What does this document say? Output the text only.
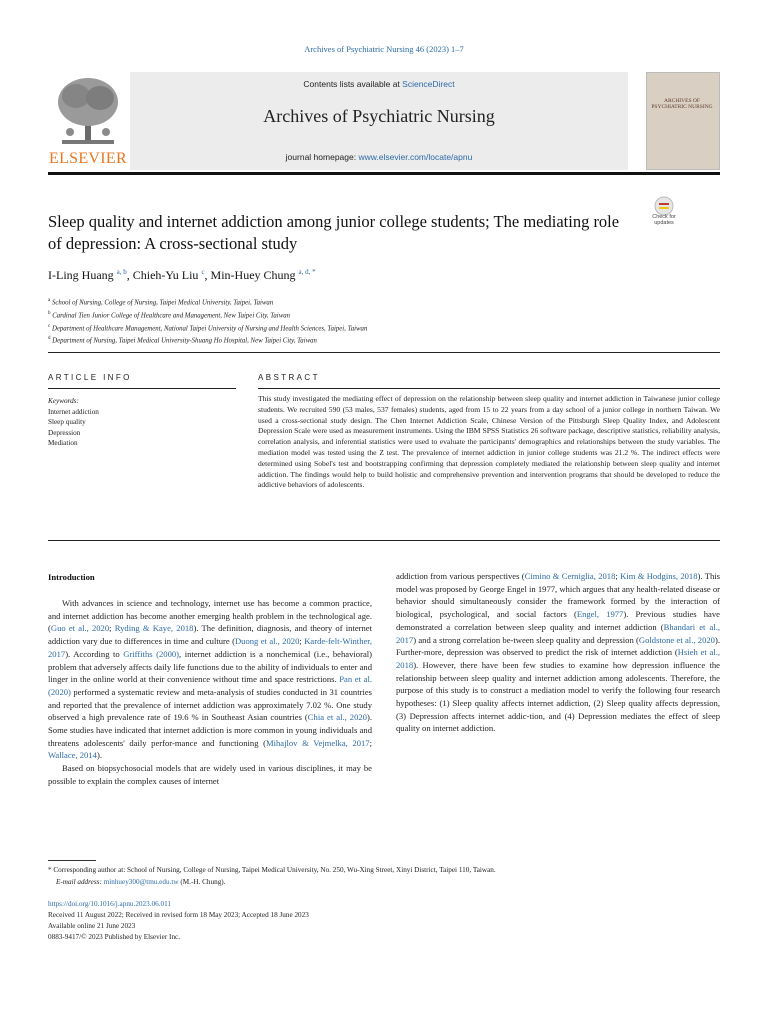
Archives of Psychiatric Nursing 46 (2023) 1–7
ELSEVIER
Contents lists available at ScienceDirect
Archives of Psychiatric Nursing
journal homepage: www.elsevier.com/locate/apnu
ARCHIVES OF PSYCHIATRIC NURSING
Sleep quality and internet addiction among junior college students; The mediating role of depression: A cross-sectional study
Check for updates
I-Ling Huang $^{a, b}$, Chieh-Yu Liu $^c$, Min-Huey Chung $^{a, d, *}$
$^a$ School of Nursing, College of Nursing, Taipei Medical University, Taipei, Taiwan
$^b$ Cardinal Tien Junior College of Healthcare and Management, New Taipei City, Taiwan
$^c$ Department of Healthcare Management, National Taipei University of Nursing and Health Sciences, Taipei, Taiwan
$^d$ Department of Nursing, Taipei Medical University-Shuang Ho Hospital, New Taipei City, Taiwan
ARTICLE INFO
Keywords:
Internet addiction
Sleep quality
Depression
Mediation
ABSTRACT
This study investigated the mediating effect of depression on the relationship between sleep quality and internet addiction in Taiwanese junior college students. We recruited 590 (53 males, 537 females) students, aged from 15 to 22 years from a day school of a junior college in northern Taiwan. We used a cross-sectional study design. The Chen Internet Addiction Scale, Chinese Version of the Pittsburgh Sleep Quality Index, and Adolescent Depression Scale were used as measurement instruments. Using the IBM SPSS Statistics 26 software package, descriptive statistics, reliability analysis, correlation analysis, and inferential statistics were used to evaluate the participants' demographics and relationships between the study variables. The mediation model was tested using the Z test. The prevalence of internet addiction in junior college students was 21.2 %. The indirect effects were determined using Sobel's test and bootstrapping confirming that depression completely mediated the relationship between sleep quality and internet addiction. The findings would help to build holistic and comprehensive prevention and intervention programs that should be developed to reduce the addictive behaviors of adolescents.
Introduction

With advances in science and technology, internet use has become a common practice, and internet addiction has become another emerging health problem in the technological age. (Guo et al., 2020; Ryding & Kaye, 2018). The definition, diagnosis, and theory of internet addiction vary due to differences in time and culture (Duong et al., 2020; Karde-felt-Winther, 2017). According to Griffiths (2000), internet addiction is a nonchemical (i.e., behavioral) problem that adversely affects daily life functions due to the ability of individuals to enter and linger in the online world at their convenience without time and space restrictions. Pan et al. (2020) performed a systematic review and meta-analysis of studies conducted in 31 countries and reported that the prevalence of internet addiction was approximately 7.02 %. One study observed a high prevalence rate of 19.6 % in Southeast Asian countries (Chia et al., 2020). Some studies have indicated that internet addiction is more common in young individuals and threatens adolescents' daily perfor-mance and functioning (Mihajlov & Vejmelka, 2017; Wallace, 2014).

Based on biopsychosocial models that are widely used in various disciplines, it may be possible to explain the complex causes of internet

addiction from various perspectives (Cimino & Cerniglia, 2018; Kim & Hodgins, 2018). This model was proposed by George Engel in 1977, which argues that any health-related disease or behavior should simultaneously consider the framework formed by the interaction of biological, psychological, and social factors (Engel, 1977). Previous studies have demonstrated a correlation between sleep quality and internet addiction (Bhandari et al., 2017) and a strong correlation be-tween sleep quality and depression (Goldstone et al., 2020). Further-more, depression was observed to predict the risk of internet addiction (Hsieh et al., 2018). However, there have been few studies to examine how depression influence the relationship between sleep quality and internet addiction among adolescents. Therefore, the purpose of this study is to construct a mediation model to verify the following four research hypotheses: (1) Sleep quality affects internet addiction, (2) Sleep quality affects depression, (3) Depression affects internet addic-tion, and (4) Depression mediates the effect of sleep quality on internet addiction.

* Corresponding author at: School of Nursing, College of Nursing, Taipei Medical University, No. 250, Wu-Xing Street, Xinyi District, Taipei 110, Taiwan.
E-mail address: minhuey300@tmu.edu.tw (M.-H. Chung).
https://doi.org/10.1016/j.apnu.2023.06.011
Received 11 August 2022; Received in revised form 18 May 2023; Accepted 18 June 2023
Available online 21 June 2023
0883-9417/© 2023 Published by Elsevier Inc.
